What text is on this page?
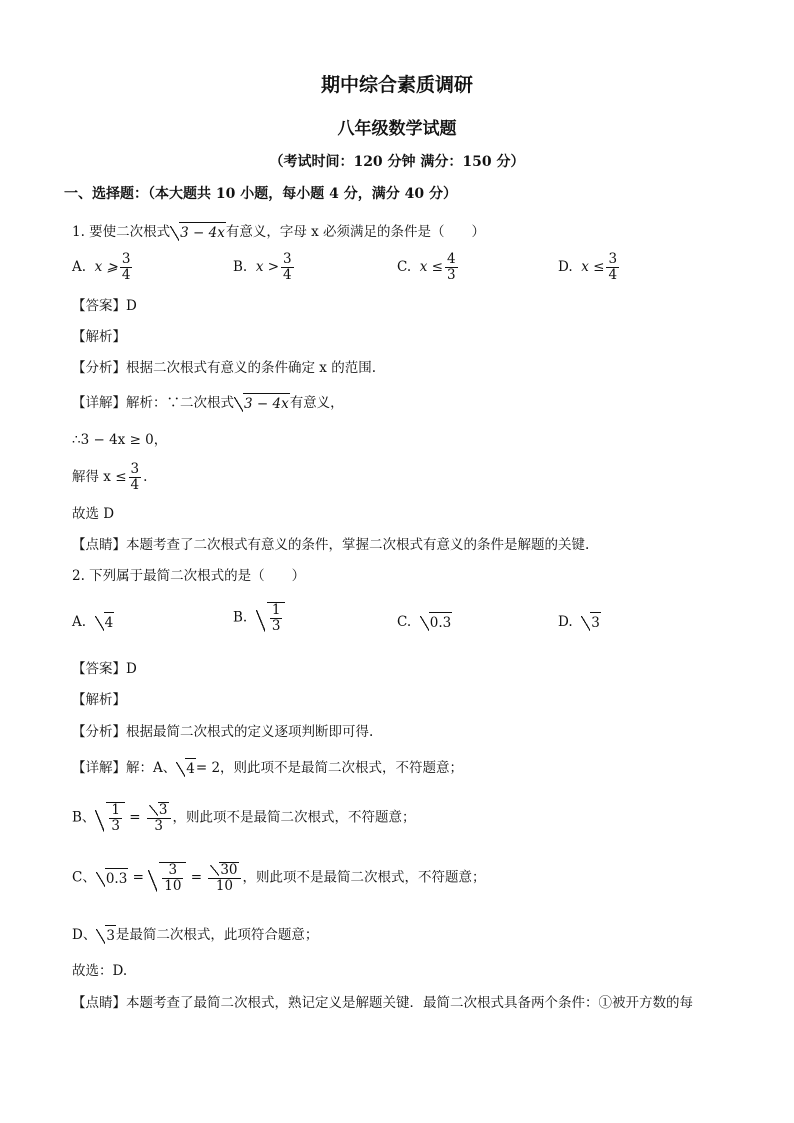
期中综合素质调研
八年级数学试题
（考试时间：120 分钟 满分：150 分）
一、选择题：（本大题共 10 小题，每小题 4 分，满分 40 分）
1. 要使二次根式 3 − 4x有意义，字母 x 必须满足的条件是（　　）
A. x ⩾ $\frac{3}{4}$	B. $x > \frac{3}{4}$	C. $x \le \frac{4}{3}$	D. $x \le \frac{3}{4}$
【答案】D
【解析】
【分析】根据二次根式有意义的条件确定 x 的范围.
【详解】解析：∵二次根式 3 − 4x有意义，
∴3 − 4x ≥ 0，
解得 $x \le \frac{3}{4}$ .
故选 D
【点睛】本题考查了二次根式有意义的条件，掌握二次根式有意义的条件是解题的关键.
2. 下列属于最简二次根式的是（　　）
A. 4	B. $\frac{1}{3}$	C. 0.3	D. 3
【答案】D
【解析】
【分析】根据最简二次根式的定义逐项判断即可得.
【详解】解：A、 4= 2，则此项不是最简二次根式，不符题意；
B、 $\frac{1}{3} = \frac{3}{3}$ ，则此项不是最简二次根式，不符题意；
C、 $0.3 = \frac{3}{10} = \frac{30}{10}$ ，则此项不是最简二次根式，不符题意；
D、 3是最简二次根式，此项符合题意；
故选：D.
【点睛】本题考查了最简二次根式，熟记定义是解题关键．最简二次根式具备两个条件：①被开方数的每
